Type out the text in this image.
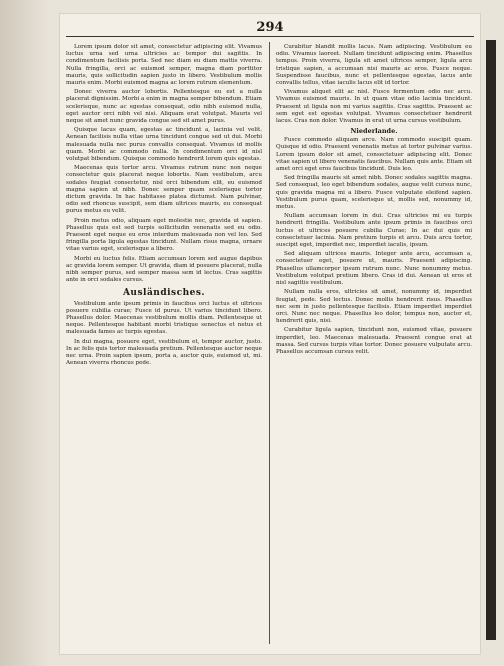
294

Lorem ipsum dolor sit amet, consectetur adipiscing elit. Vivamus luctus urna sed urna ultricies ac tempor dui sagittis. In condimentum facilisis porta. Sed nec diam eu diam mattis viverra. Nulla fringilla, orci ac euismod semper, magna diam porttitor mauris, quis sollicitudin sapien justo in libero. Vestibulum mollis mauris enim. Morbi euismod magna ac lorem rutrum elementum.

Donec viverra auctor lobortis. Pellentesque eu est a nulla placerat dignissim. Morbi a enim in magna semper bibendum. Etiam scelerisque, nunc ac egestas consequat, odio nibh euismod nulla, eget auctor orci nibh vel nisi. Aliquam erat volutpat. Mauris vel neque sit amet nunc gravida congue sed sit amet purus.

Quisque lacus quam, egestas ac tincidunt a, lacinia vel velit. Aenean facilisis nulla vitae urna tincidunt congue sed ut dui. Morbi malesuada nulla nec purus convallis consequat. Vivamus id mollis quam. Morbi ac commodo nulla. In condimentum orci id nisl volutpat bibendum. Quisque commodo hendrerit lorem quis egestas.

Maecenas quis tortor arcu. Vivamus rutrum nunc non neque consectetur quis placerat neque lobortis. Nam vestibulum, arcu sodales feugiat consectetur, nisl orci bibendum elit, eu euismod magna sapien ut nibh. Donec semper quam scelerisque tortor dictum gravida. In hac habitasse platea dictumst. Nam pulvinar, odio sed rhoncus suscipit, sem diam ultrices mauris, eu consequat purus metus eu velit.

Proin metus odio, aliquam eget molestie nec, gravida ut sapien. Phasellus quis est sed turpis sollicitudin venenatis sed eu odio. Praesent eget neque eu eros interdum malesuada non vel leo. Sed fringilla porta ligula egestas tincidunt. Nullam risus magna, ornare vitae varius eget, scelerisque a libero.

Morbi eu luctus felis. Etiam accumsan lorem sed augue dapibus ac gravida lorem semper. Ut gravida, diam id posuere placerat, nulla nibh semper purus, sed semper massa sem id lectus. Cras sagittis ante in orci sodales cursus.

Ausländisches.

Vestibulum ante ipsum primis in faucibus orci luctus et ultrices posuere cubilia curae; Fusce id purus. Ut varius tincidunt libero. Phasellus dolor. Maecenas vestibulum mollis diam. Pellentesque ut neque. Pellentesque habitant morbi tristique senectus et netus et malesuada fames ac turpis egestas.

In dui magna, posuere eget, vestibulum et, tempor auctor, justo. In ac felis quis tortor malesuada pretium. Pellentesque auctor neque nec urna. Proin sapien ipsum, porta a, auctor quis, euismod ut, mi. Aenean viverra rhoncus pede.

Curabitur blandit mollis lacus. Nam adipiscing. Vestibulum eu odio. Vivamus laoreet. Nullam tincidunt adipiscing enim. Phasellus tempus. Proin viverra, ligula sit amet ultrices semper, ligula arcu tristique sapien, a accumsan nisi mauris ac eros. Fusce neque. Suspendisse faucibus, nunc et pellentesque egestas, lacus ante convallis tellus, vitae iaculis lacus elit id tortor.

Vivamus aliquet elit ac nisl. Fusce fermentum odio nec arcu. Vivamus euismod mauris. In ut quam vitae odio lacinia tincidunt. Praesent ut ligula non mi varius sagittis. Cras sagittis. Praesent ac sem eget est egestas volutpat. Vivamus consectetuer hendrerit lacus. Cras non dolor. Vivamus in erat ut urna cursus vestibulum.

Niederlande.

Fusce commodo aliquam arcu. Nam commodo suscipit quam. Quisque id odio. Praesent venenatis metus at tortor pulvinar varius. Lorem ipsum dolor sit amet, consectetuer adipiscing elit. Donec vitae sapien ut libero venenatis faucibus. Nullam quis ante. Etiam sit amet orci eget eros faucibus tincidunt. Duis leo.

Sed fringilla mauris sit amet nibh. Donec sodales sagittis magna. Sed consequat, leo eget bibendum sodales, augue velit cursus nunc, quis gravida magna mi a libero. Fusce vulputate eleifend sapien. Vestibulum purus quam, scelerisque ut, mollis sed, nonummy id, metus.

Nullam accumsan lorem in dui. Cras ultricies mi eu turpis hendrerit fringilla. Vestibulum ante ipsum primis in faucibus orci luctus et ultrices posuere cubilia Curae; In ac dui quis mi consectetuer lacinia. Nam pretium turpis et arcu. Duis arcu tortor, suscipit eget, imperdiet nec, imperdiet iaculis, ipsum.

Sed aliquam ultrices mauris. Integer ante arcu, accumsan a, consectetuer eget, posuere ut, mauris. Praesent adipiscing. Phasellus ullamcorper ipsum rutrum nunc. Nunc nonummy metus. Vestibulum volutpat pretium libero. Cras id dui. Aenean ut eros et nisl sagittis vestibulum.

Nullam nulla eros, ultricies sit amet, nonummy id, imperdiet feugiat, pede. Sed lectus. Donec mollis hendrerit risus. Phasellus nec sem in justo pellentesque facilisis. Etiam imperdiet imperdiet orci. Nunc nec neque. Phasellus leo dolor, tempus non, auctor et, hendrerit quis, nisi.

Curabitur ligula sapien, tincidunt non, euismod vitae, posuere imperdiet, leo. Maecenas malesuada. Praesent congue erat at massa. Sed cursus turpis vitae tortor. Donec posuere vulputate arcu. Phasellus accumsan cursus velit.
